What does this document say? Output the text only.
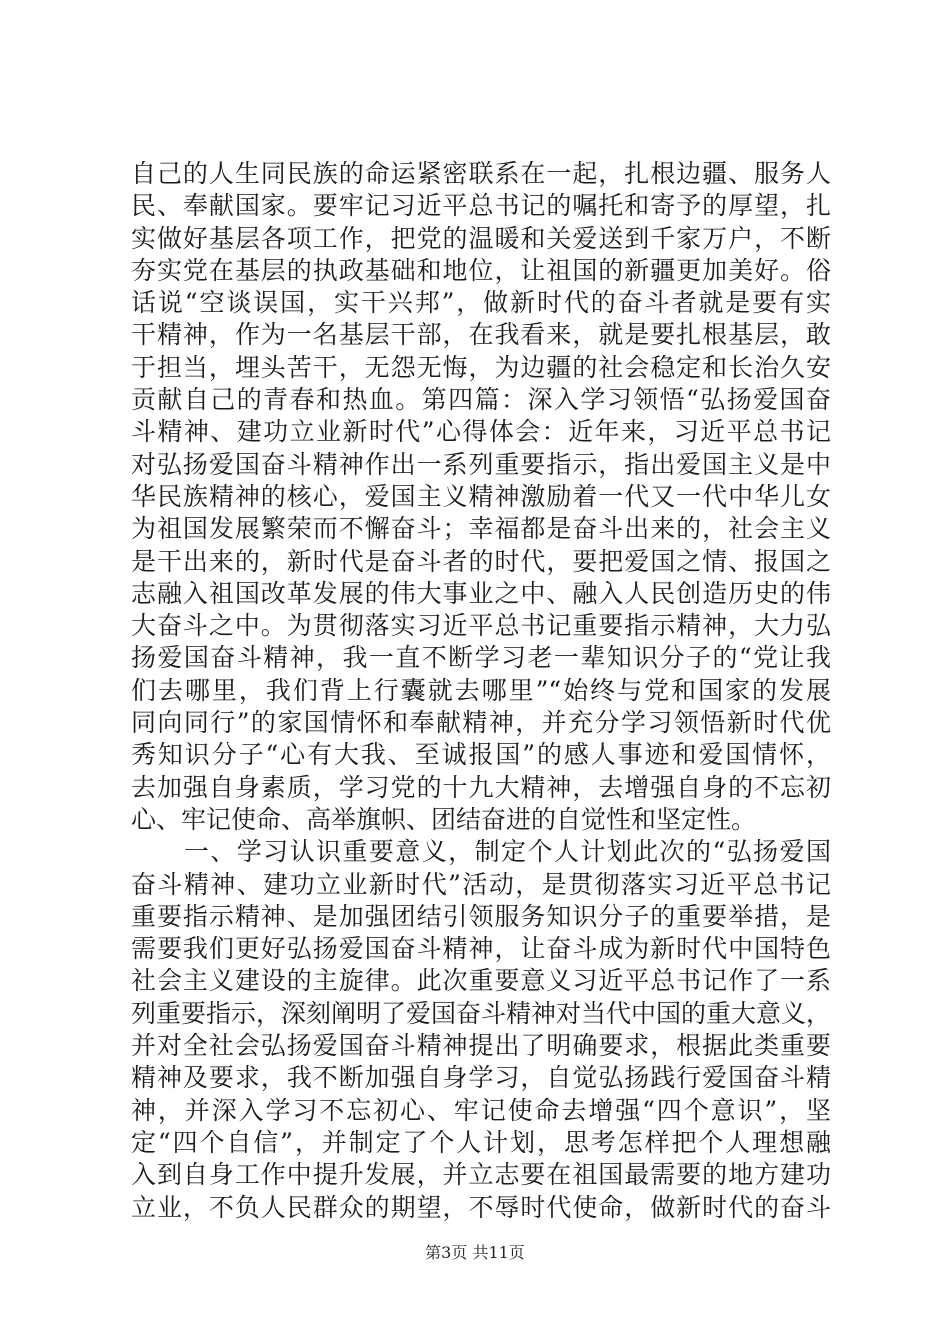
自己的人生同民族的命运紧密联系在一起，扎根边疆、服务人
民、奉献国家。要牢记习近平总书记的嘱托和寄予的厚望，扎
实做好基层各项工作，把党的温暖和关爱送到千家万户，不断
夯实党在基层的执政基础和地位，让祖国的新疆更加美好。俗
话说“空谈误国，实干兴邦”，做新时代的奋斗者就是要有实
干精神，作为一名基层干部，在我看来，就是要扎根基层，敢
于担当，埋头苦干，无怨无悔，为边疆的社会稳定和长治久安
贡献自己的青春和热血。第四篇：深入学习领悟“弘扬爱国奋
斗精神、建功立业新时代”心得体会：近年来，习近平总书记
对弘扬爱国奋斗精神作出一系列重要指示，指出爱国主义是中
华民族精神的核心，爱国主义精神激励着一代又一代中华儿女
为祖国发展繁荣而不懈奋斗；幸福都是奋斗出来的，社会主义
是干出来的，新时代是奋斗者的时代，要把爱国之情、报国之
志融入祖国改革发展的伟大事业之中、融入人民创造历史的伟
大奋斗之中。为贯彻落实习近平总书记重要指示精神，大力弘
扬爱国奋斗精神，我一直不断学习老一辈知识分子的“党让我
们去哪里，我们背上行囊就去哪里”“始终与党和国家的发展
同向同行”的家国情怀和奉献精神，并充分学习领悟新时代优
秀知识分子“心有大我、至诚报国”的感人事迹和爱国情怀，
去加强自身素质，学习党的十九大精神，去增强自身的不忘初
心、牢记使命、高举旗帜、团结奋进的自觉性和坚定性。
　　一、学习认识重要意义，制定个人计划此次的“弘扬爱国
奋斗精神、建功立业新时代”活动，是贯彻落实习近平总书记
重要指示精神、是加强团结引领服务知识分子的重要举措，是
需要我们更好弘扬爱国奋斗精神，让奋斗成为新时代中国特色
社会主义建设的主旋律。此次重要意义习近平总书记作了一系
列重要指示，深刻阐明了爱国奋斗精神对当代中国的重大意义，
并对全社会弘扬爱国奋斗精神提出了明确要求，根据此类重要
精神及要求，我不断加强自身学习，自觉弘扬践行爱国奋斗精
神，并深入学习不忘初心、牢记使命去增强“四个意识”，坚
定“四个自信”，并制定了个人计划，思考怎样把个人理想融
入到自身工作中提升发展，并立志要在祖国最需要的地方建功
立业，不负人民群众的期望，不辱时代使命，做新时代的奋斗
第3页 共11页
